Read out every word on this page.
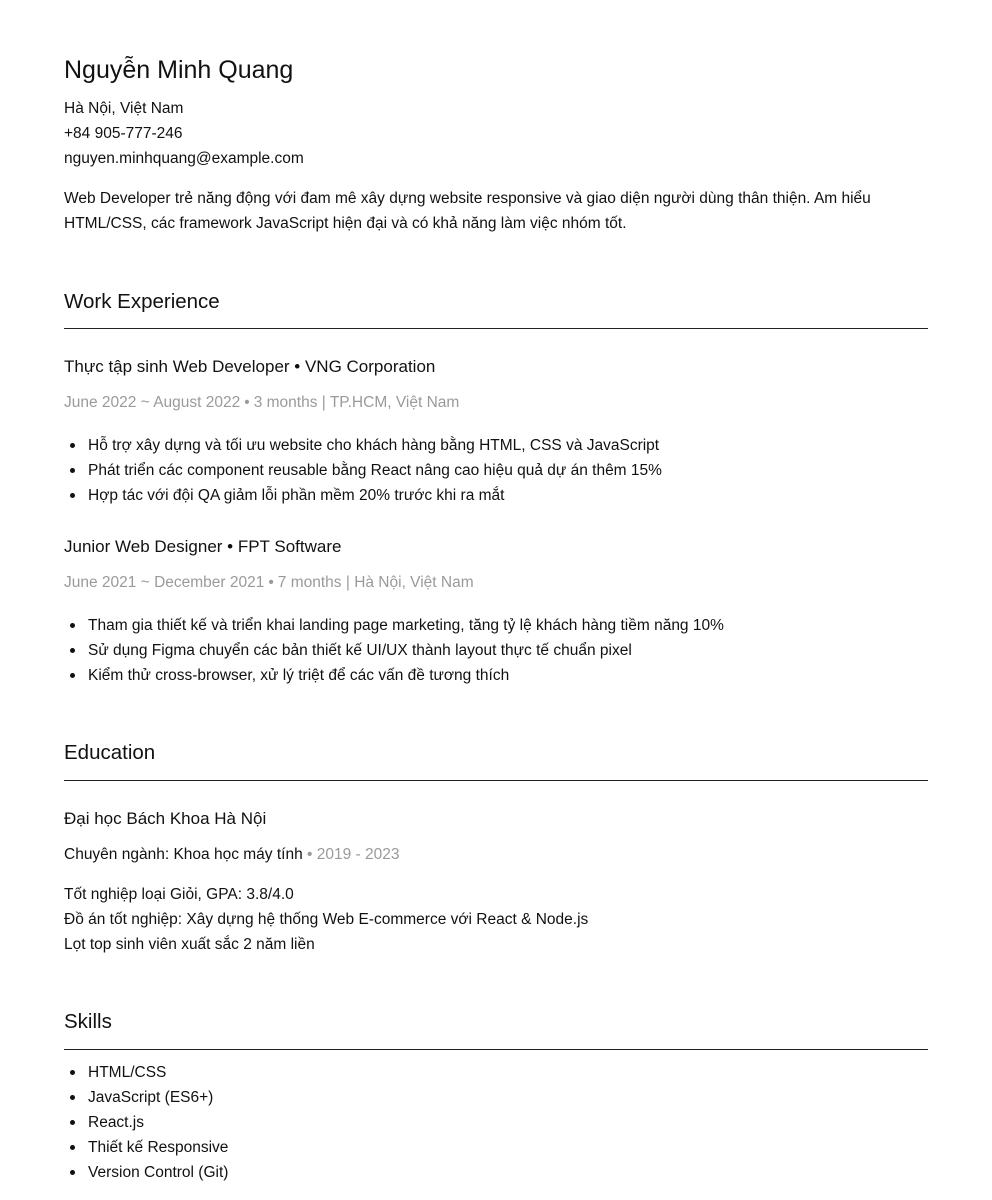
Nguyễn Minh Quang
Hà Nội, Việt Nam
+84 905-777-246
nguyen.minhquang@example.com
Web Developer trẻ năng động với đam mê xây dựng website responsive và giao diện người dùng thân thiện. Am hiểu HTML/CSS, các framework JavaScript hiện đại và có khả năng làm việc nhóm tốt.
Work Experience
Thực tập sinh Web Developer • VNG Corporation
June 2022 ~ August 2022 • 3 months | TP.HCM, Việt Nam
Hỗ trợ xây dựng và tối ưu website cho khách hàng bằng HTML, CSS và JavaScript
Phát triển các component reusable bằng React nâng cao hiệu quả dự án thêm 15%
Hợp tác với đội QA giảm lỗi phần mềm 20% trước khi ra mắt
Junior Web Designer • FPT Software
June 2021 ~ December 2021 • 7 months | Hà Nội, Việt Nam
Tham gia thiết kế và triển khai landing page marketing, tăng tỷ lệ khách hàng tiềm năng 10%
Sử dụng Figma chuyển các bản thiết kế UI/UX thành layout thực tế chuẩn pixel
Kiểm thử cross-browser, xử lý triệt để các vấn đề tương thích
Education
Đại học Bách Khoa Hà Nội
Chuyên ngành: Khoa học máy tính • 2019 - 2023
Tốt nghiệp loại Giỏi, GPA: 3.8/4.0
Đồ án tốt nghiệp: Xây dựng hệ thống Web E-commerce với React & Node.js
Lọt top sinh viên xuất sắc 2 năm liền
Skills
HTML/CSS
JavaScript (ES6+)
React.js
Thiết kế Responsive
Version Control (Git)
